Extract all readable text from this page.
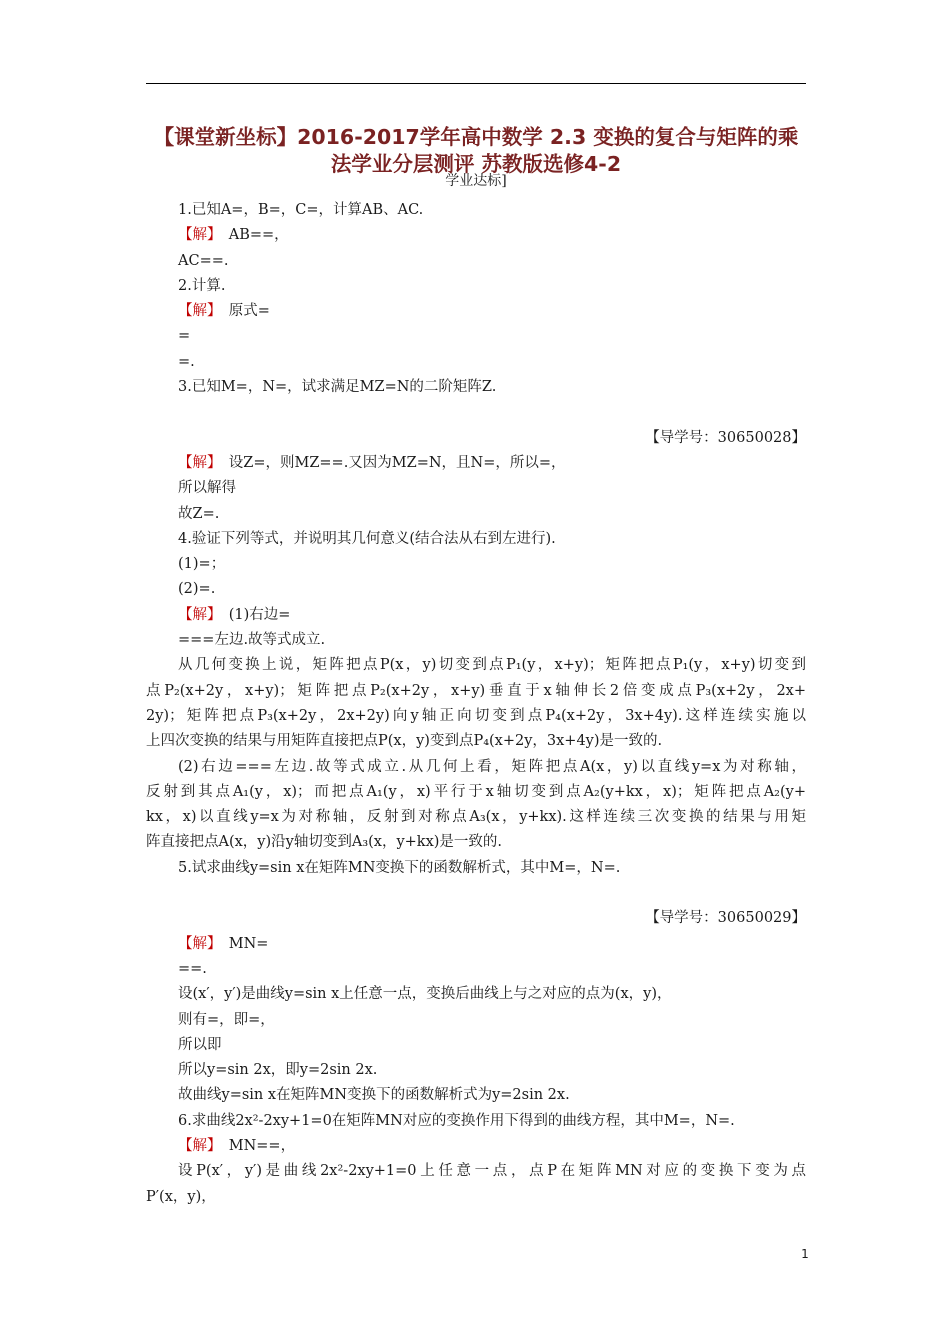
【课堂新坐标】2016-2017学年高中数学 2.3 变换的复合与矩阵的乘
法学业分层测评 苏教版选修4-2
学业达标]
1.已知A=，B=，C=，计算AB、AC.
【解】　AB==，
AC==.
2.计算.
【解】　原式=
=
=.
3.已知M=，N=，试求满足MZ=N的二阶矩阵Z.
【导学号：30650028】
【解】　设Z=，则MZ==.又因为MZ=N，且N=，所以=，
所以解得
故Z=.
4.验证下列等式，并说明其几何意义(结合法从右到左进行).
(1)=；
(2)=.
【解】　(1)右边=
===左边.故等式成立.
从几何变换上说，矩阵把点P(x，y)切变到点P₁(y，x+y)；矩阵把点P₁(y，x+y)切变到
点P₂(x+2y，x+y)；矩阵把点P₂(x+2y，x+y)垂直于x轴伸长2倍变成点P₃(x+2y，2x+
2y)；矩阵把点P₃(x+2y，2x+2y)向y轴正向切变到点P₄(x+2y，3x+4y).这样连续实施以
上四次变换的结果与用矩阵直接把点P(x，y)变到点P₄(x+2y，3x+4y)是一致的.
(2)右边===左边.故等式成立.从几何上看，矩阵把点A(x，y)以直线y=x为对称轴，
反射到其点A₁(y，x)；而把点A₁(y，x)平行于x轴切变到点A₂(y+kx，x)；矩阵把点A₂(y+
kx，x)以直线y=x为对称轴，反射到对称点A₃(x，y+kx).这样连续三次变换的结果与用矩
阵直接把点A(x，y)沿y轴切变到A₃(x，y+kx)是一致的.
5.试求曲线y=sin x在矩阵MN变换下的函数解析式，其中M=，N=.
【导学号：30650029】
【解】　MN=
==.
设(x′，y′)是曲线y=sin x上任意一点，变换后曲线上与之对应的点为(x，y)，
则有=，即=，
所以即
所以y=sin 2x，即y=2sin 2x.
故曲线y=sin x在矩阵MN变换下的函数解析式为y=2sin 2x.
6.求曲线2x²-2xy+1=0在矩阵MN对应的变换作用下得到的曲线方程，其中M=，N=.
【解】　MN==，
设P(x′，y′)是曲线2x²-2xy+1=0上任意一点，点P在矩阵MN对应的变换下变为点
P′(x，y)，
1
